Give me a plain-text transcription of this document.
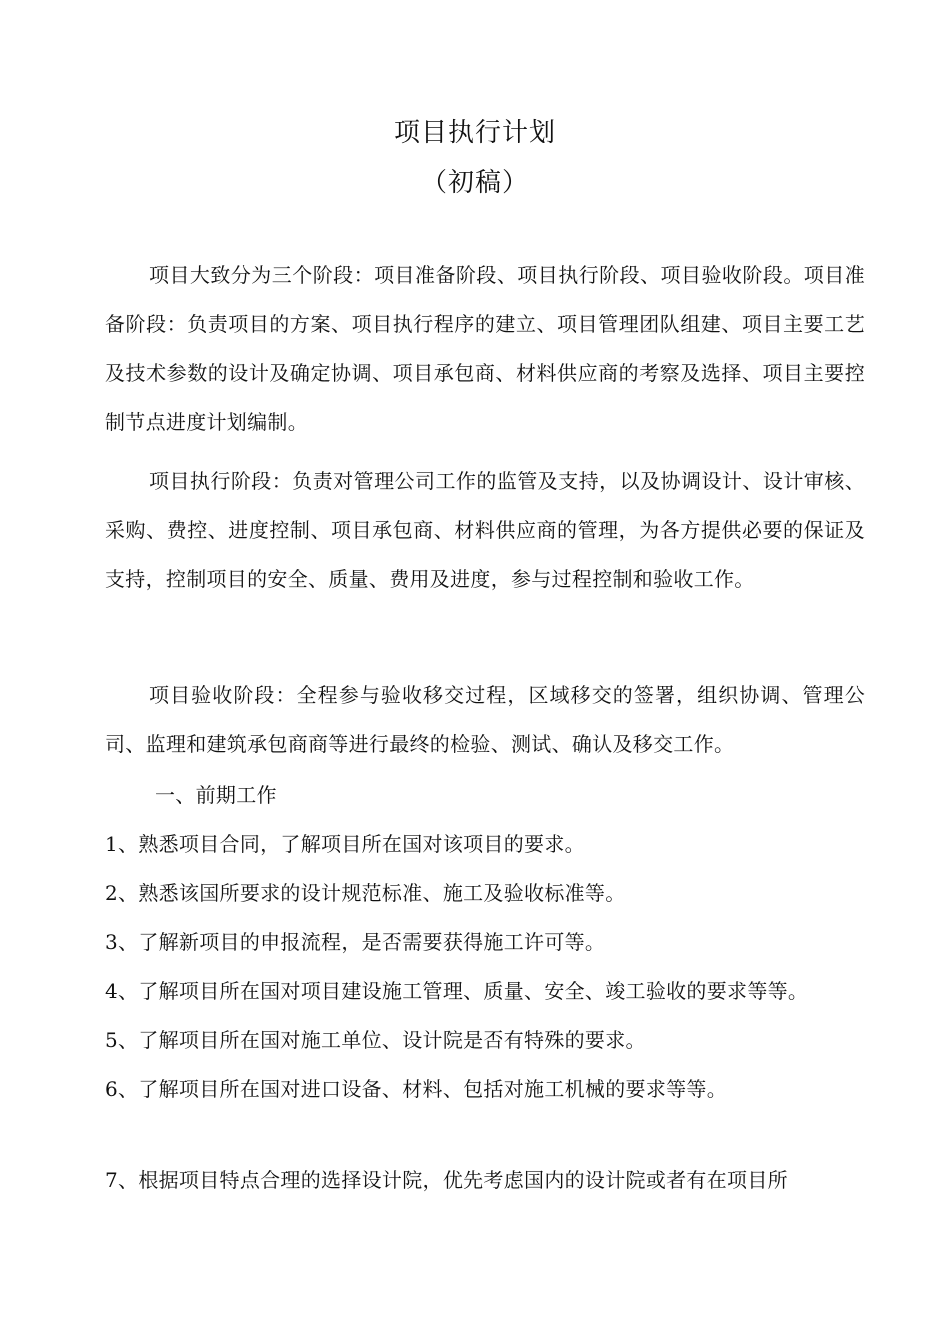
项目执行计划
（初稿）

项目大致分为三个阶段：项目准备阶段、项目执行阶段、项目验收阶段。项目准备阶段：负责项目的方案、项目执行程序的建立、项目管理团队组建、项目主要工艺及技术参数的设计及确定协调、项目承包商、材料供应商的考察及选择、项目主要控制节点进度计划编制。

项目执行阶段：负责对管理公司工作的监管及支持，以及协调设计、设计审核、采购、费控、进度控制、项目承包商、材料供应商的管理，为各方提供必要的保证及支持，控制项目的安全、质量、费用及进度，参与过程控制和验收工作。

项目验收阶段：全程参与验收移交过程，区域移交的签署，组织协调、管理公司、监理和建筑承包商商等进行最终的检验、测试、确认及移交工作。

一、前期工作
1、熟悉项目合同，了解项目所在国对该项目的要求。
2、熟悉该国所要求的设计规范标准、施工及验收标准等。
3、了解新项目的申报流程，是否需要获得施工许可等。
4、了解项目所在国对项目建设施工管理、质量、安全、竣工验收的要求等等。
5、了解项目所在国对施工单位、设计院是否有特殊的要求。
6、了解项目所在国对进口设备、材料、包括对施工机械的要求等等。
7、根据项目特点合理的选择设计院，优先考虑国内的设计院或者有在项目所
